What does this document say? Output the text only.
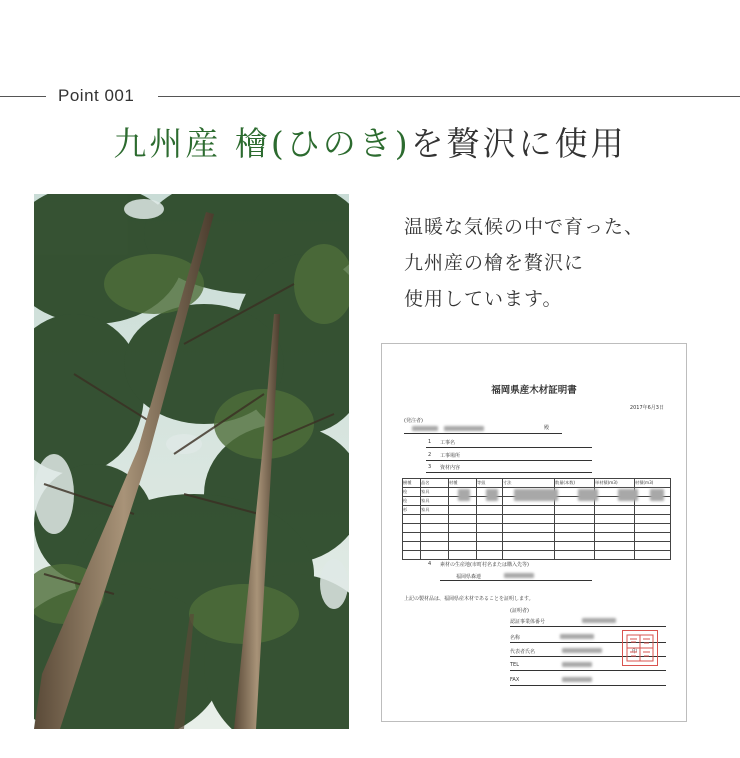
Point 001
九州産 檜(ひのき)を贅沢に使用
温暖な気候の中で育った、
九州産の檜を贅沢に
使用しています。
福岡県産木材証明書
2017年6月3日
(発注者)
殿
1 工事名
2 工事場所
3 資材内容
樹種	品名	材種	等級	寸法	数量(本数)	単材積(m3)	材積(m3)
桧	家具						
桧	家具						
杉	家具						

4 素材の生産地(市町村名または購入先等)
福岡県森連
上記の製材品は、福岡県産木材であることを証明します。
(証明者)
認証事業体番号
名称
代表者氏名	印
TEL
FAX
